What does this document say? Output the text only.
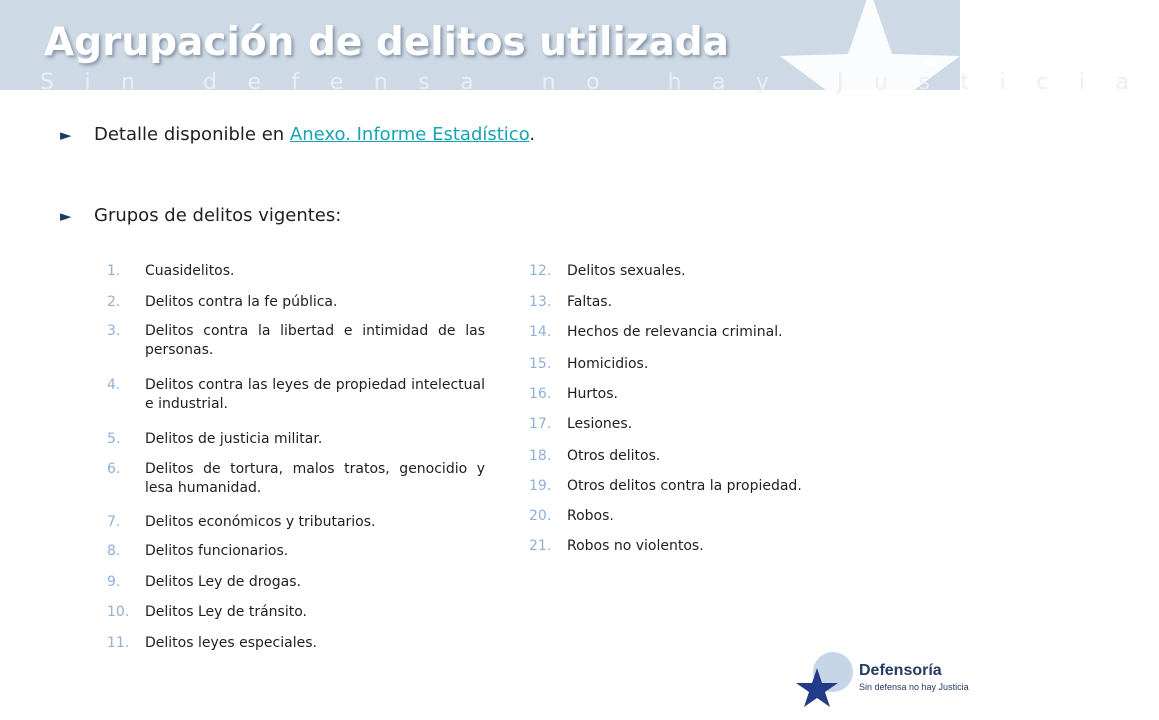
Sin defensa no hay Justicia
Agrupación de delitos utilizada	65
► Detalle disponible en Anexo. Informe Estadístico.
► Grupos de delitos vigentes:
1.	Cuasidelitos.
2.	Delitos contra la fe pública.
3.	Delitos contra la libertad e intimidad de las personas.
4.	Delitos contra las leyes de propiedad intelectual e industrial.
5.	Delitos de justicia militar.
6.	Delitos de tortura, malos tratos, genocidio y lesa humanidad.
7.	Delitos económicos y tributarios.
8.	Delitos funcionarios.
9.	Delitos Ley de drogas.
10.	Delitos Ley de tránsito.
11.	Delitos leyes especiales.
12.	Delitos sexuales.
13.	Faltas.
14.	Hechos de relevancia criminal.
15.	Homicidios.
16.	Hurtos.
17.	Lesiones.
18.	Otros delitos.
19.	Otros delitos contra la propiedad.
20.	Robos.
21.	Robos no violentos.
Defensoría
Sin defensa no hay Justicia
